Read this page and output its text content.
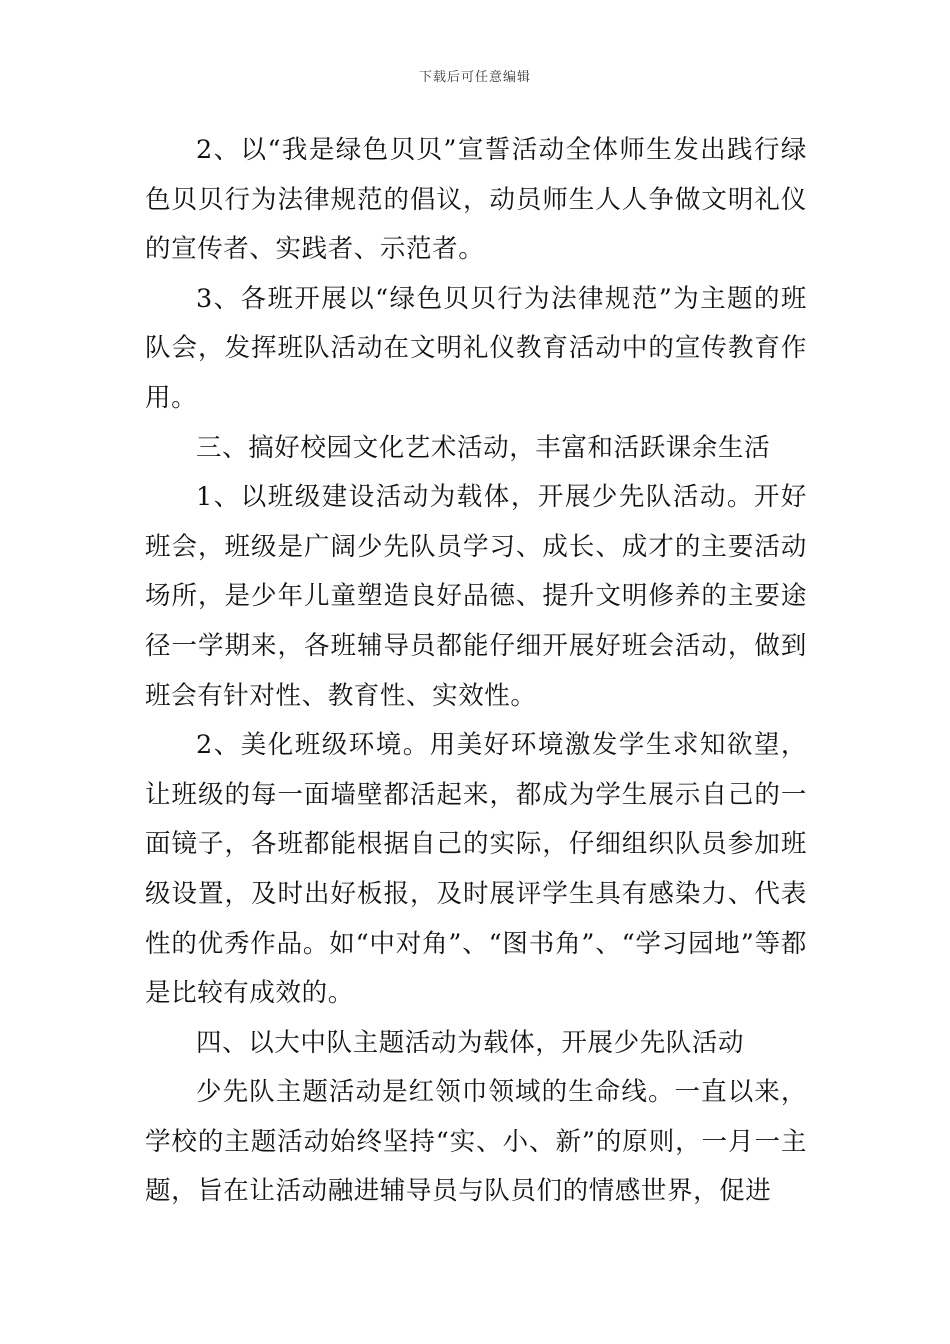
下载后可任意编辑

2、以“我是绿色贝贝”宣誓活动全体师生发出践行绿色贝贝行为法律规范的倡议，动员师生人人争做文明礼仪的宣传者、实践者、示范者。

3、各班开展以“绿色贝贝行为法律规范”为主题的班队会，发挥班队活动在文明礼仪教育活动中的宣传教育作用。

三、搞好校园文化艺术活动，丰富和活跃课余生活

1、以班级建设活动为载体，开展少先队活动。开好班会，班级是广阔少先队员学习、成长、成才的主要活动场所，是少年儿童塑造良好品德、提升文明修养的主要途径一学期来，各班辅导员都能仔细开展好班会活动，做到班会有针对性、教育性、实效性。

2、美化班级环境。用美好环境激发学生求知欲望，让班级的每一面墙壁都活起来，都成为学生展示自己的一面镜子，各班都能根据自己的实际，仔细组织队员参加班级设置，及时出好板报，及时展评学生具有感染力、代表性的优秀作品。如“中对角”、“图书角”、“学习园地”等都是比较有成效的。

四、以大中队主题活动为载体，开展少先队活动

少先队主题活动是红领巾领域的生命线。一直以来，学校的主题活动始终坚持“实、小、新”的原则，一月一主题，旨在让活动融进辅导员与队员们的情感世界，促进
